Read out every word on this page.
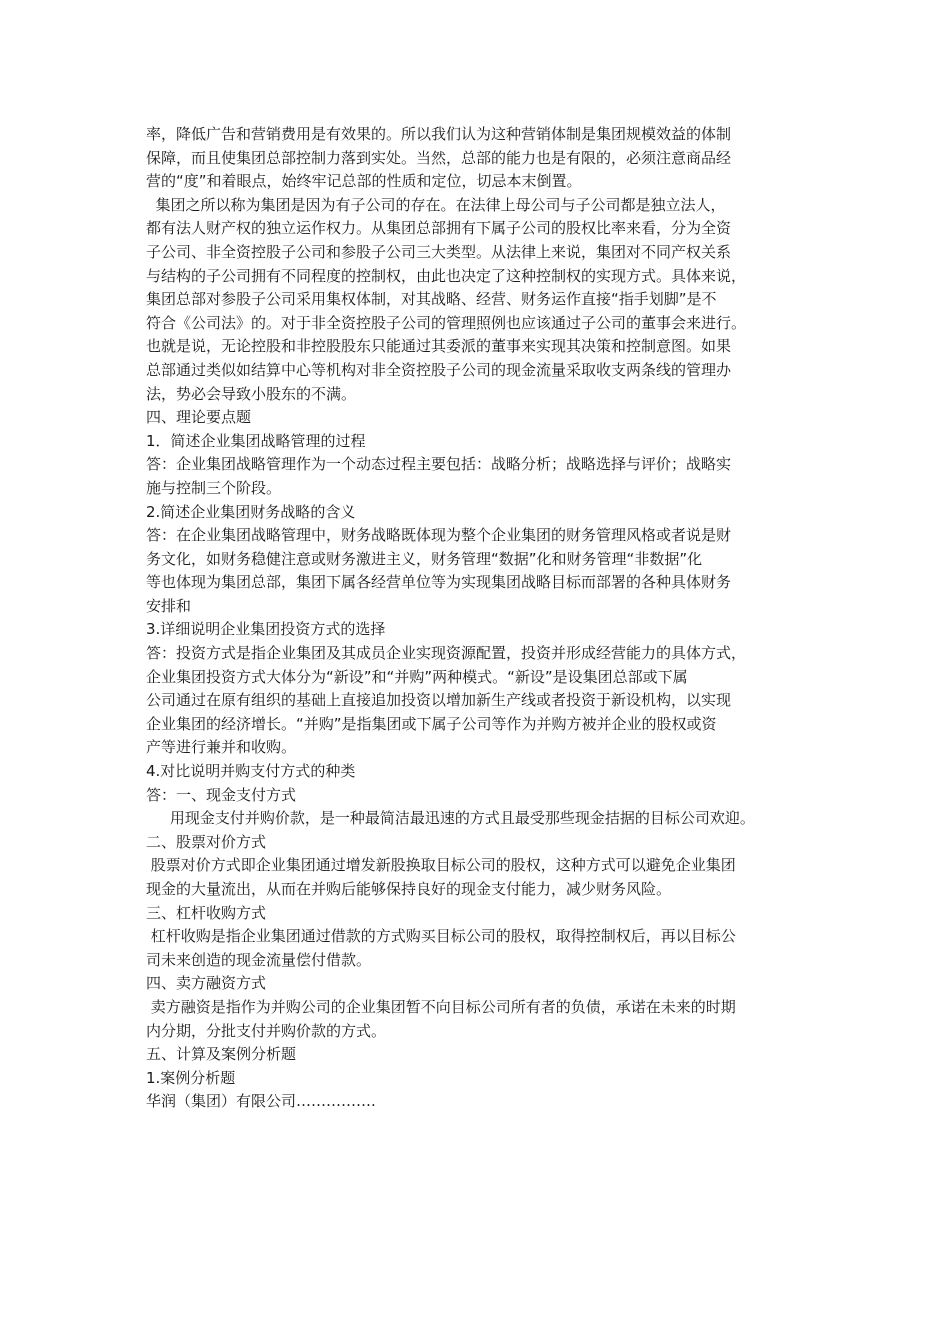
率，降低广告和营销费用是有效果的。所以我们认为这种营销体制是集团规模效益的体制
保障，而且使集团总部控制力落到实处。当然，总部的能力也是有限的，必须注意商品经
营的“度”和着眼点，始终牢记总部的性质和定位，切忌本末倒置。
集团之所以称为集团是因为有子公司的存在。在法律上母公司与子公司都是独立法人，
都有法人财产权的独立运作权力。从集团总部拥有下属子公司的股权比率来看，分为全资
子公司、非全资控股子公司和参股子公司三大类型。从法律上来说，集团对不同产权关系
与结构的子公司拥有不同程度的控制权，由此也决定了这种控制权的实现方式。具体来说，
集团总部对参股子公司采用集权体制，对其战略、经营、财务运作直接“指手划脚”是不
符合《公司法》的。对于非全资控股子公司的管理照例也应该通过子公司的董事会来进行。
也就是说，无论控股和非控股股东只能通过其委派的董事来实现其决策和控制意图。如果
总部通过类似如结算中心等机构对非全资控股子公司的现金流量采取收支两条线的管理办
法，势必会导致小股东的不满。
四、理论要点题
1．简述企业集团战略管理的过程
答：企业集团战略管理作为一个动态过程主要包括：战略分析；战略选择与评价；战略实
施与控制三个阶段。
2.简述企业集团财务战略的含义
答：在企业集团战略管理中，财务战略既体现为整个企业集团的财务管理风格或者说是财
务文化，如财务稳健注意或财务激进主义，财务管理“数据”化和财务管理“非数据”化
等也体现为集团总部，集团下属各经营单位等为实现集团战略目标而部署的各种具体财务
安排和
3.详细说明企业集团投资方式的选择
答：投资方式是指企业集团及其成员企业实现资源配置，投资并形成经营能力的具体方式，
企业集团投资方式大体分为“新设”和“并购”两种模式。“新设”是设集团总部或下属
公司通过在原有组织的基础上直接追加投资以增加新生产线或者投资于新设机构，以实现
企业集团的经济增长。“并购”是指集团或下属子公司等作为并购方被并企业的股权或资
产等进行兼并和收购。
4.对比说明并购支付方式的种类
答：一、现金支付方式
用现金支付并购价款，是一种最简洁最迅速的方式且最受那些现金拮据的目标公司欢迎。
二、股票对价方式
股票对价方式即企业集团通过增发新股换取目标公司的股权，这种方式可以避免企业集团
现金的大量流出，从而在并购后能够保持良好的现金支付能力，减少财务风险。
三、杠杆收购方式
杠杆收购是指企业集团通过借款的方式购买目标公司的股权，取得控制权后，再以目标公
司未来创造的现金流量偿付借款。
四、卖方融资方式
卖方融资是指作为并购公司的企业集团暂不向目标公司所有者的负债，承诺在未来的时期
内分期，分批支付并购价款的方式。
五、计算及案例分析题
1.案例分析题
华润（集团）有限公司…………….
